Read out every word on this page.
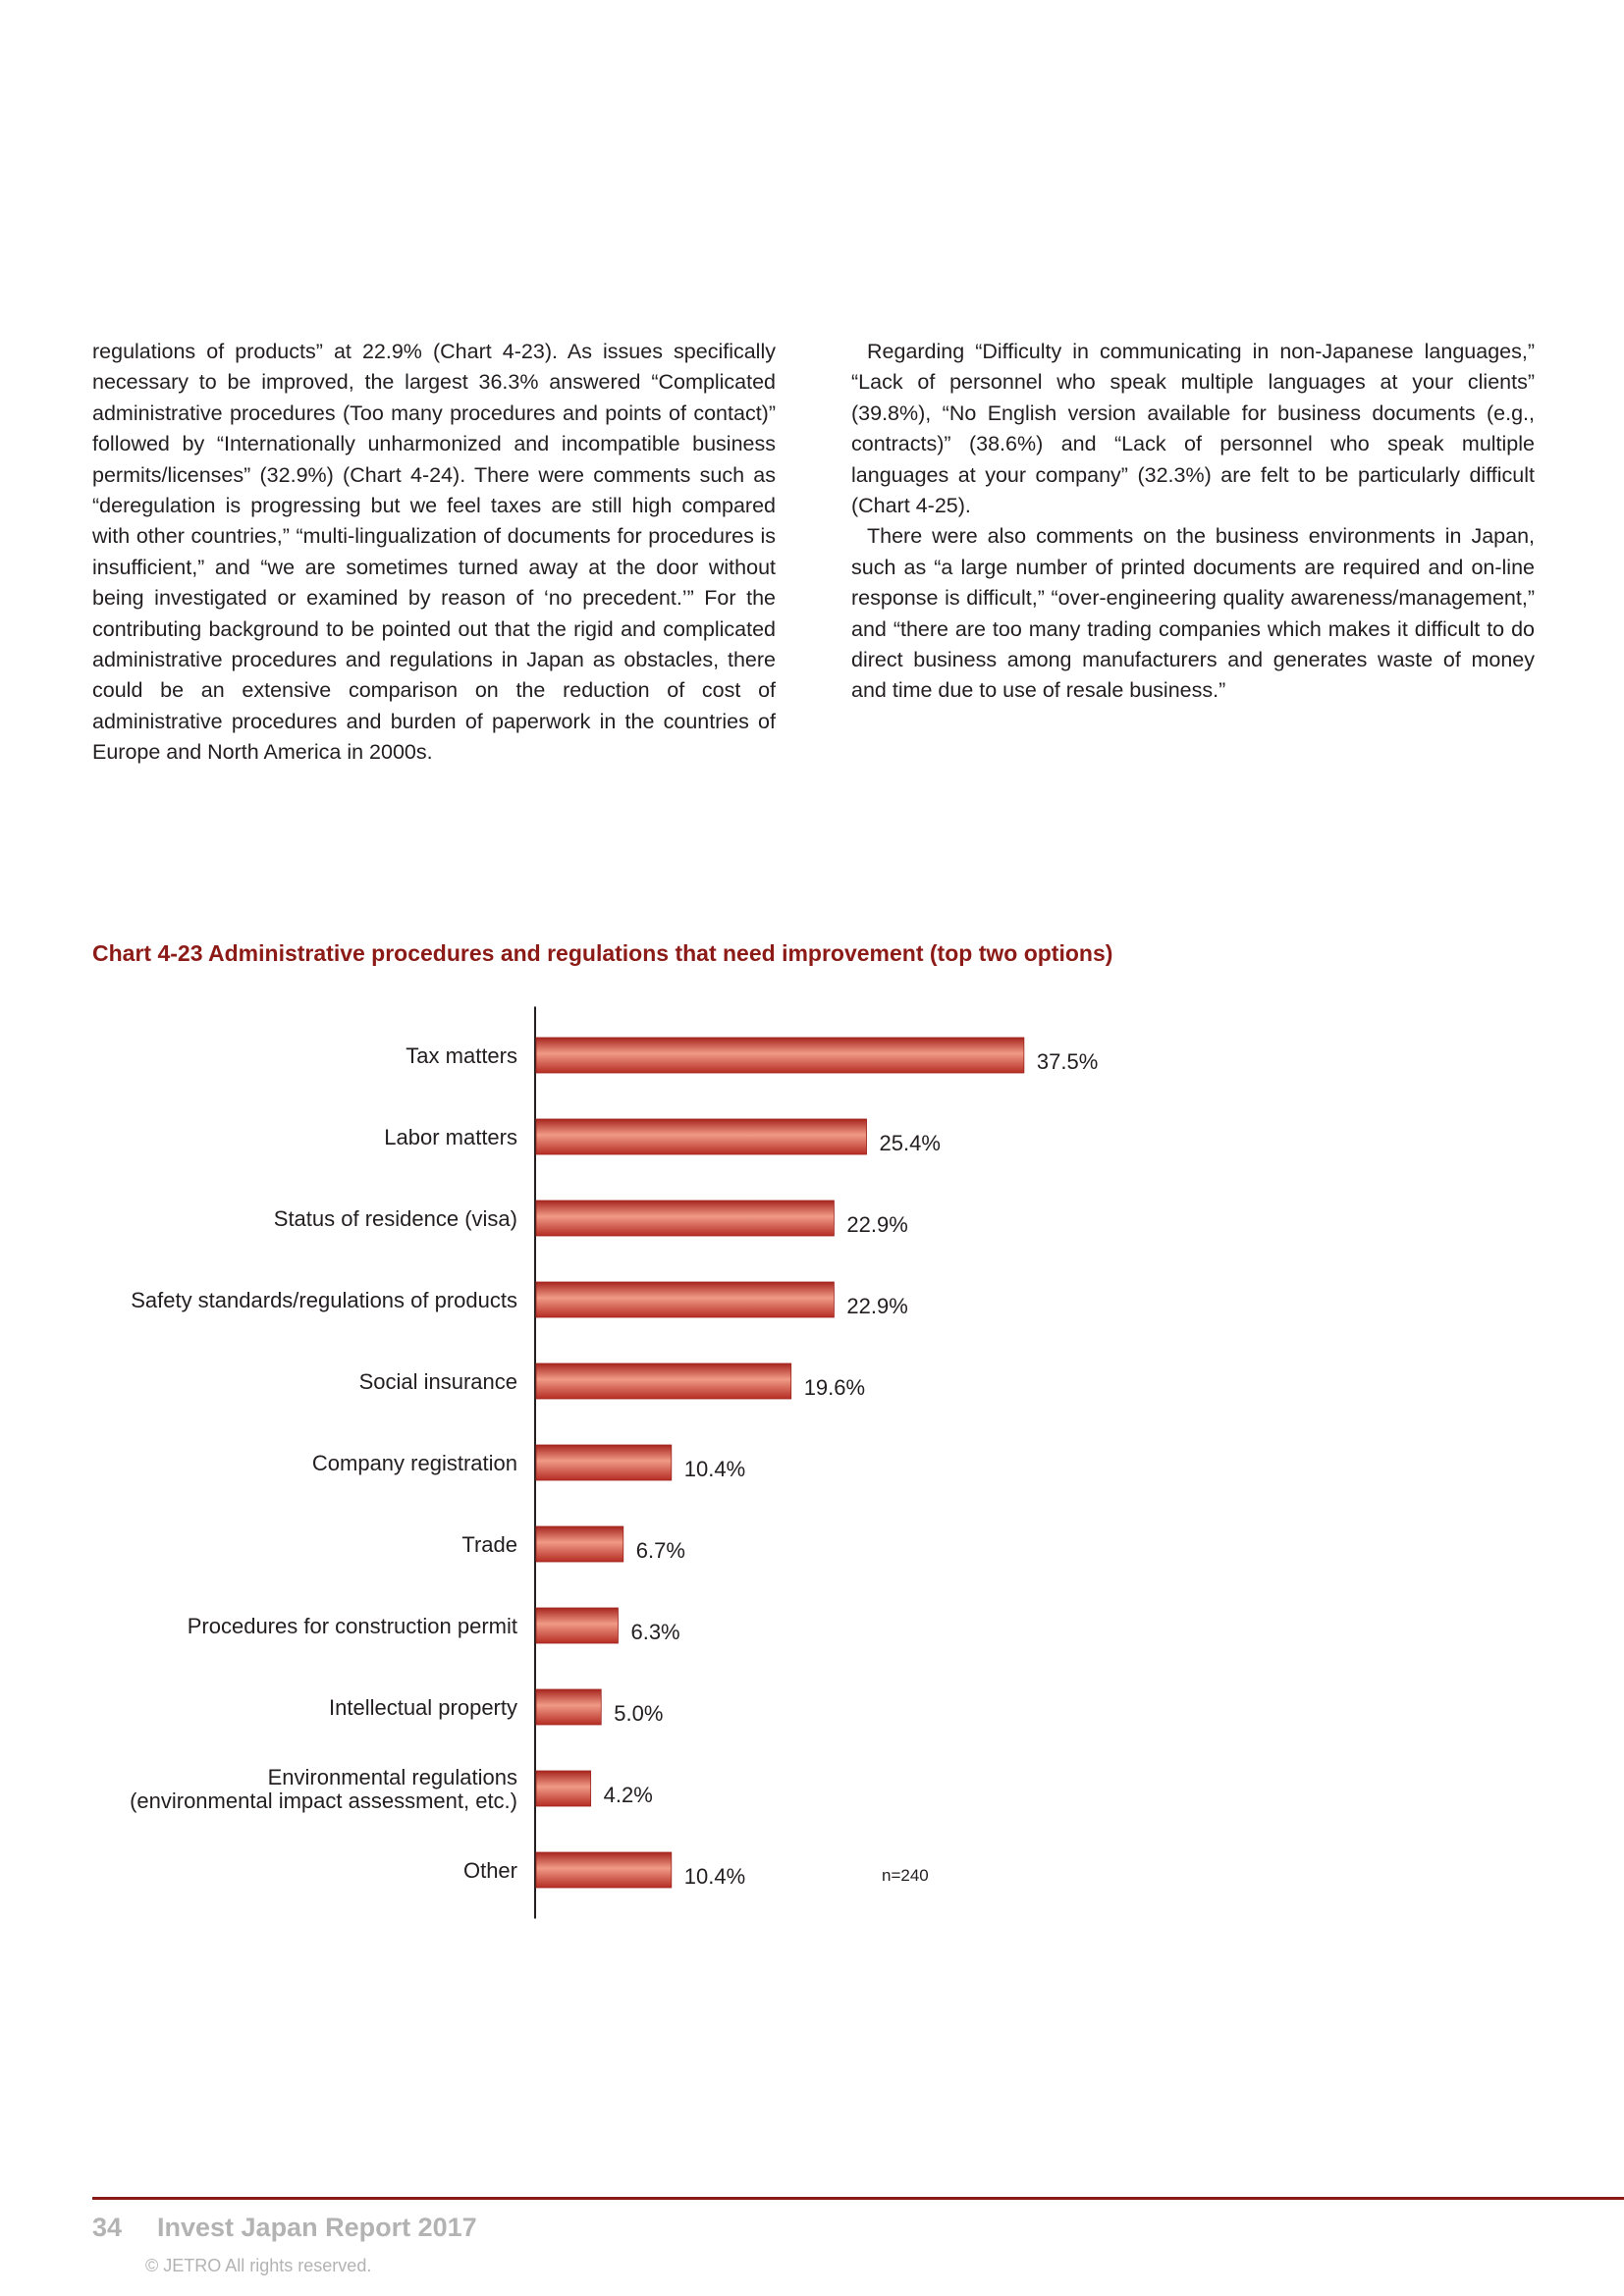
regulations of products” at 22.9% (Chart 4-23). As issues specifically necessary to be improved, the largest 36.3% answered “Complicated administrative procedures (Too many procedures and points of contact)” followed by “Internationally unharmonized and incompatible business permits/licenses” (32.9%) (Chart 4-24). There were comments such as “deregulation is progressing but we feel taxes are still high compared with other countries,” “multi-lingualization of documents for procedures is insufficient,” and “we are sometimes turned away at the door without being investigated or examined by reason of ‘no precedent.’” For the contributing background to be pointed out that the rigid and complicated administrative procedures and regulations in Japan as obstacles, there could be an extensive comparison on the reduction of cost of administrative procedures and burden of paperwork in the countries of Europe and North America in 2000s.

Regarding “Difficulty in communicating in non-Japanese languages,” “Lack of personnel who speak multiple languages at your clients” (39.8%), “No English version available for business documents (e.g., contracts)” (38.6%) and “Lack of personnel who speak multiple languages at your company” (32.3%) are felt to be particularly difficult (Chart 4-25).

There were also comments on the business environments in Japan, such as “a large number of printed documents are required and on-line response is difficult,” “over-engineering quality awareness/management,” and “there are too many trading companies which makes it difficult to do direct business among manufacturers and generates waste of money and time due to use of resale business.”

Chart 4-23 Administrative procedures and regulations that need improvement (top two options)
Tax matters	37.5%
Labor matters	25.4%
Status of residence (visa)	22.9%
Safety standards/regulations of products	22.9%
Social insurance	19.6%
Company registration	10.4%
Trade	6.7%
Procedures for construction permit	6.3%
Intellectual property	5.0%
Environmental regulations (environmental impact assessment, etc.)	4.2%
Other	10.4%	n=240
34 Invest Japan Report 2017
© JETRO All rights reserved.
